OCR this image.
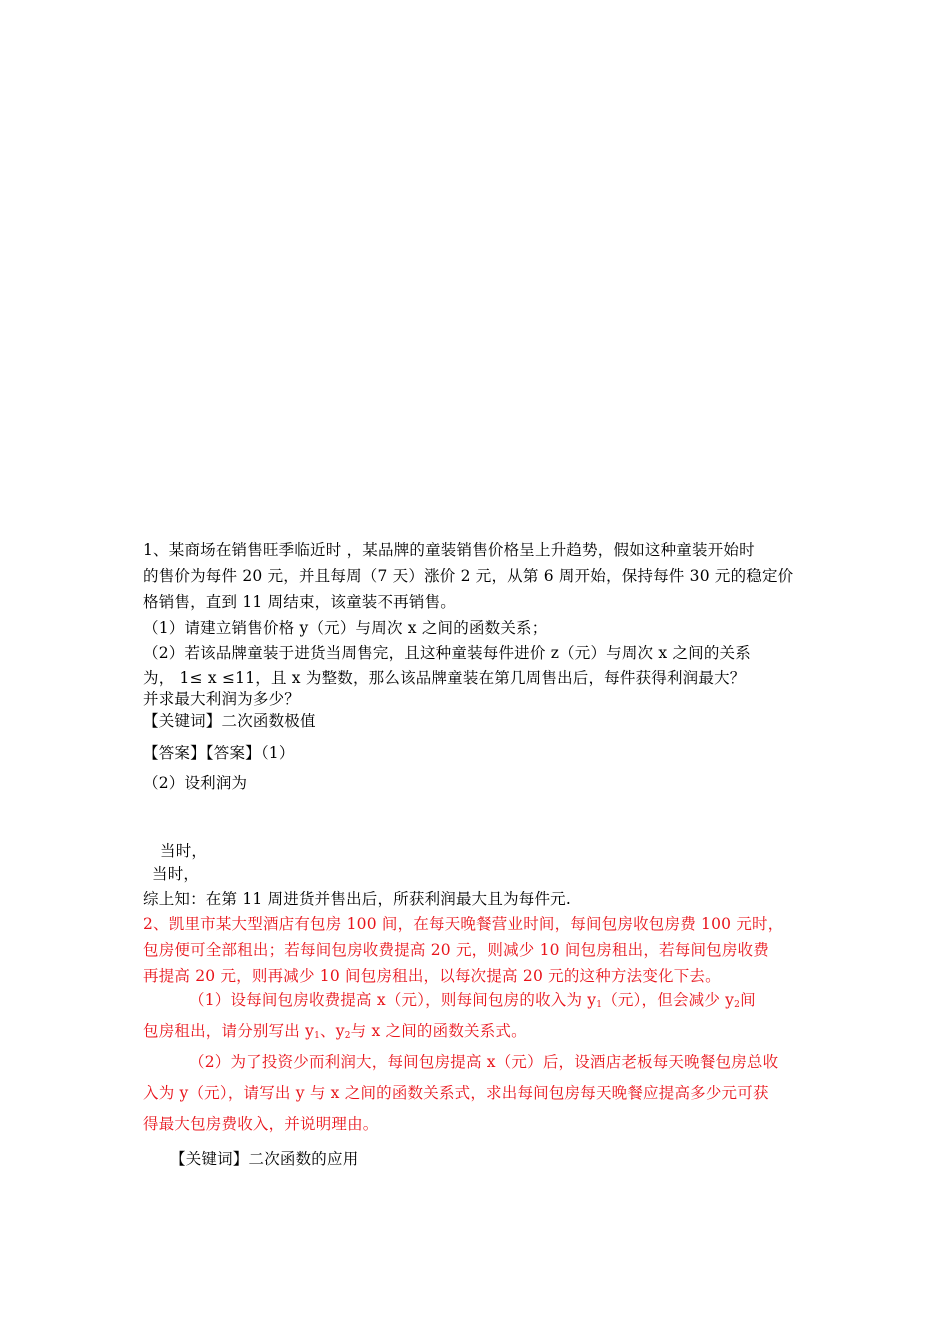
1、某商场在销售旺季临近时 ，某品牌的童装销售价格呈上升趋势，假如这种童装开始时
的售价为每件 20 元，并且每周（7 天）涨价 2 元，从第 6 周开始，保持每件 30 元的稳定价
格销售，直到 11 周结束，该童装不再销售。
（1）请建立销售价格 y（元）与周次 x 之间的函数关系；
（2）若该品牌童装于进货当周售完，且这种童装每件进价 z（元）与周次 x 之间的关系
为， 1≤ x ≤11，且 x 为整数，那么该品牌童装在第几周售出后，每件获得利润最大？
并求最大利润为多少？
【关键词】二次函数极值
【答案】【答案】（1）
（2）设利润为
当时，
当时，
综上知：在第 11 周进货并售出后，所获利润最大且为每件元.
2、凯里市某大型酒店有包房 100 间，在每天晚餐营业时间，每间包房收包房费 100 元时，
包房便可全部租出；若每间包房收费提高 20 元，则减少 10 间包房租出，若每间包房收费
再提高 20 元，则再减少 10 间包房租出，以每次提高 20 元的这种方法变化下去。
（1）设每间包房收费提高 x（元），则每间包房的收入为 $y_1$（元），但会减少 $y_2$间
包房租出，请分别写出 $y_1$、$y_2$与 x 之间的函数关系式。
（2）为了投资少而利润大，每间包房提高 x（元）后，设酒店老板每天晚餐包房总收
入为 y（元），请写出 y 与 x 之间的函数关系式，求出每间包房每天晚餐应提高多少元可获
得最大包房费收入，并说明理由。
【关键词】二次函数的应用
